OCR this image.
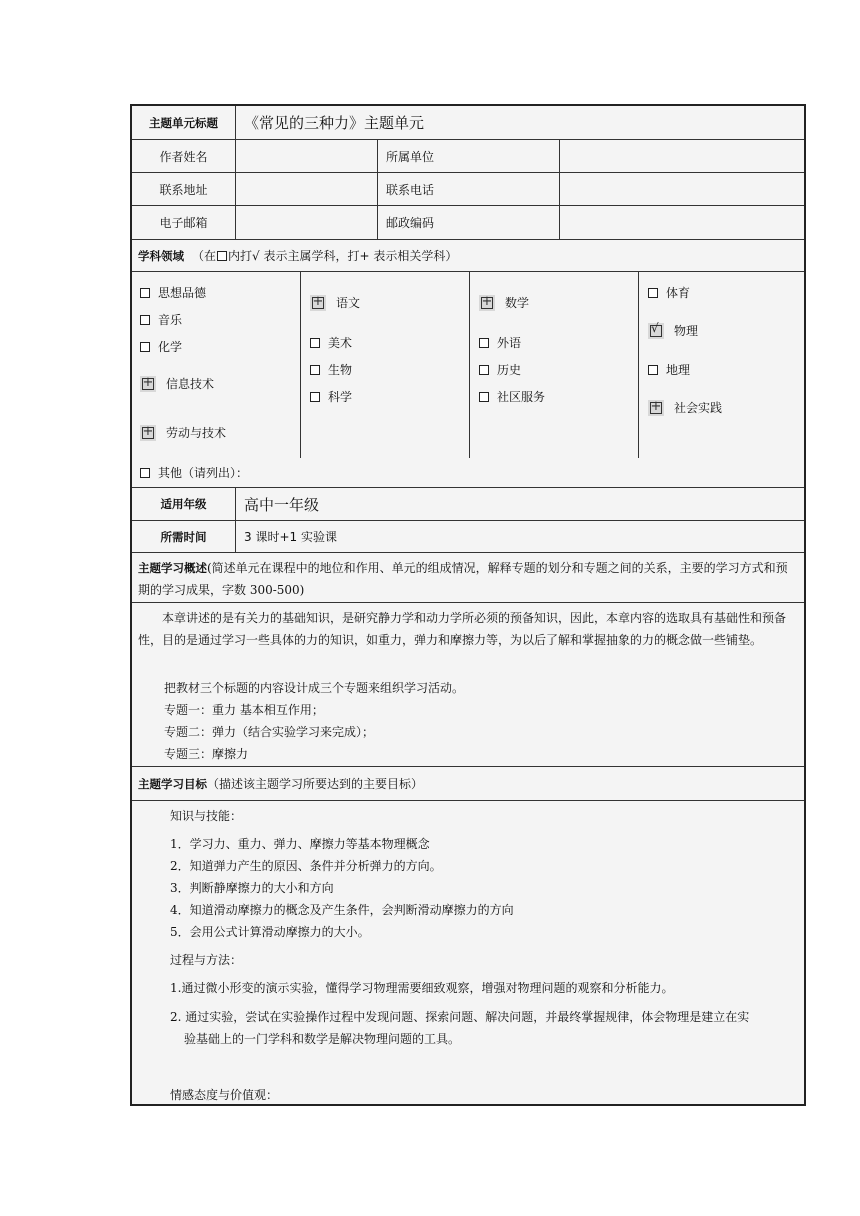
主题单元标题	《常见的三种力》主题单元
作者姓名	所属单位
联系地址	联系电话
电子邮箱	邮政编码
学科领域 （在 内打√ 表示主属学科，打+ 表示相关学科）
思想品德
音乐
化学
+信息技术
+劳动与技术
+语文
美术
生物
科学
+数学
外语
历史
社区服务
体育
√物理
地理
+社会实践
其他（请列出）：
适用年级	高中一年级
所需时间	3 课时+1 实验课
主题学习概述(简述单元在课程中的地位和作用、单元的组成情况，解释专题的划分和专题之间的关系，主要的学习方式和预期的学习成果，字数 300-500)
本章讲述的是有关力的基础知识，是研究静力学和动力学所必须的预备知识，因此，本章内容的选取具有基础性和预备性，目的是通过学习一些具体的力的知识，如重力，弹力和摩擦力等，为以后了解和掌握抽象的力的概念做一些铺垫。
把教材三个标题的内容设计成三个专题来组织学习活动。
专题一：重力 基本相互作用；
专题二：弹力（结合实验学习来完成）；
专题三：摩擦力
主题学习目标 （描述该主题学习所要达到的主要目标）
知识与技能：
1．学习力、重力、弹力、摩擦力等基本物理概念
2．知道弹力产生的原因、条件并分析弹力的方向。
3．判断静摩擦力的大小和方向
4．知道滑动摩擦力的概念及产生条件，会判断滑动摩擦力的方向
5．会用公式计算滑动摩擦力的大小。
过程与方法：
1.通过微小形变的演示实验，懂得学习物理需要细致观察，增强对物理问题的观察和分析能力。
2. 通过实验，尝试在实验操作过程中发现问题、探索问题、解决问题，并最终掌握规律，体会物理是建立在实
验基础上的一门学科和数学是解决物理问题的工具。
情感态度与价值观：
